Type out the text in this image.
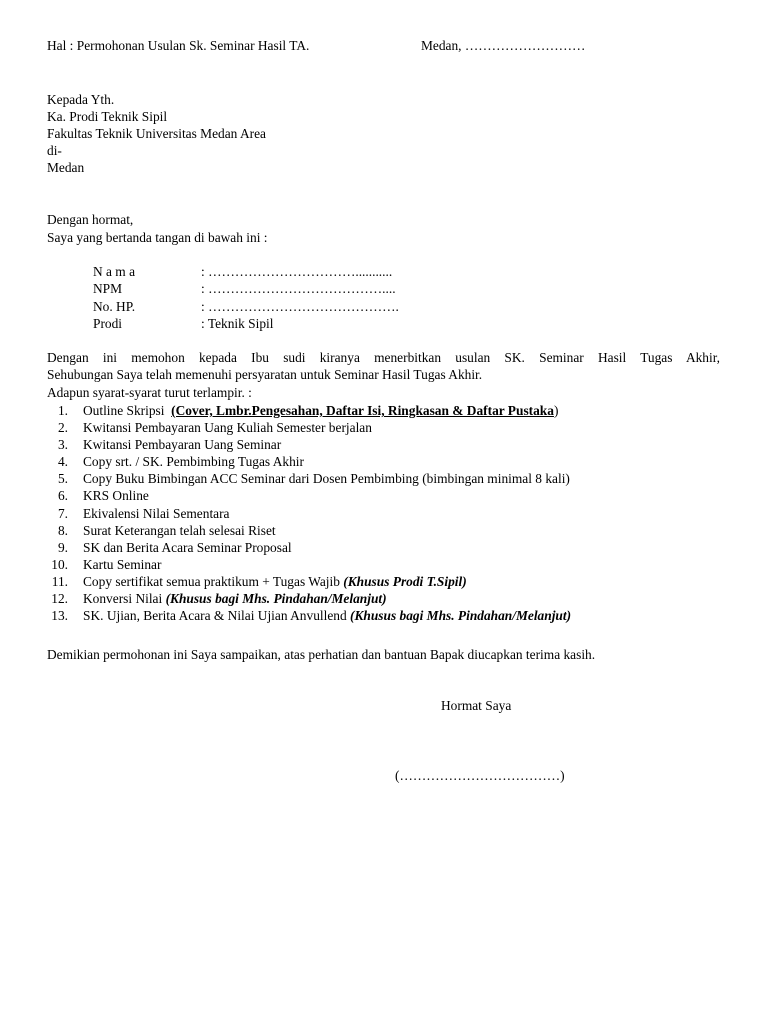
Hal : Permohonan Usulan Sk. Seminar Hasil TA.	Medan, ………………………
Kepada Yth.
Ka. Prodi Teknik Sipil
Fakultas Teknik Universitas Medan Area
di-
Medan
Dengan hormat,
Saya yang bertanda tangan di bawah ini :
N a m a	: ……………………………...........
NPM	: …………………………………....
No. HP.	: …………………………………….
Prodi	: Teknik Sipil
Dengan ini memohon kepada Ibu sudi kiranya menerbitkan usulan SK. Seminar Hasil Tugas Akhir,
Sehubungan Saya telah memenuhi persyaratan untuk Seminar Hasil Tugas Akhir.
Adapun syarat-syarat turut terlampir. :
1. Outline Skripsi  (Cover, Lmbr.Pengesahan, Daftar Isi, Ringkasan & Daftar Pustaka)
2. Kwitansi Pembayaran Uang Kuliah Semester berjalan
3. Kwitansi Pembayaran Uang Seminar
4. Copy srt. / SK. Pembimbing Tugas Akhir
5. Copy Buku Bimbingan ACC Seminar dari Dosen Pembimbing (bimbingan minimal 8 kali)
6. KRS Online
7. Ekivalensi Nilai Sementara
8. Surat Keterangan telah selesai Riset
9. SK dan Berita Acara Seminar Proposal
10. Kartu Seminar
11. Copy sertifikat semua praktikum + Tugas Wajib (Khusus Prodi T.Sipil)
12. Konversi Nilai (Khusus bagi Mhs. Pindahan/Melanjut)
13. SK. Ujian, Berita Acara & Nilai Ujian Anvullend (Khusus bagi Mhs. Pindahan/Melanjut)
Demikian permohonan ini Saya sampaikan, atas perhatian dan bantuan Bapak diucapkan terima kasih.
Hormat Saya
(………………………………)
